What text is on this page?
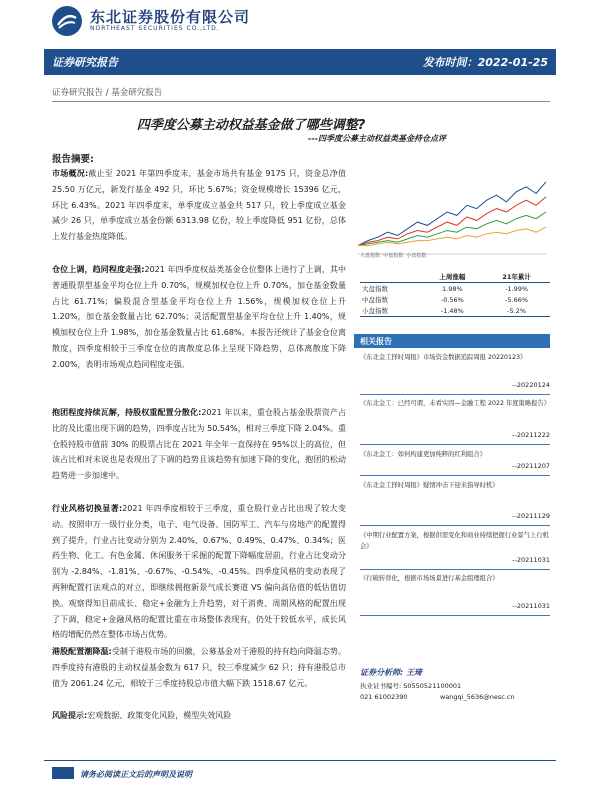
东北证券股份有限公司
NORTHEAST SECURITIES CO.,LTD.
证券研究报告	发布时间：2022-01-25
证券研究报告 / 基金研究报告
四季度公募主动权益基金做了哪些调整?
---四季度公募主动权益类基金持仓点评
报告摘要:
市场概况:截止至 2021 年第四季度末，基金市场共有基金 9175 只，资金总净值 25.50 万亿元，新发行基金 492 只，环比 5.67%；资金规模增长 15396 亿元，环比 6.43%。2021 年四季度末，单季度成立基金共 517 只，较上季度成立基金减少 26 只，单季度成立基金份额 6313.98 亿份，较上季度降低 951 亿份，总体上发行基金热度降低。
仓位上调，趋同程度走强:2021 年四季度权益类基金仓位整体上进行了上调，其中普通股票型基金平均仓位上升 0.70%，规模加权仓位上升 0.70%，加仓基金数量占比 61.71%；偏股混合型基金平均仓位上升 1.56%，规模加权仓位上升 1.20%，加仓基金数量占比 62.70%；灵活配置型基金平均仓位上升 1.40%，规模加权仓位上升 1.98%，加仓基金数量占比 61.68%。本报告还统计了基金仓位离散度，四季度相较于三季度仓位的离散度总体上呈现下降趋势，总体离散度下降 2.00%，表明市场观点趋同程度走强。
抱团程度持续瓦解，持股权重配置分散化:2021 年以来，重仓股占基金股票资产占比的及比重出现下调的趋势，四季度占比为 50.54%，相对三季度下降 2.04%。重仓股持股市值前 30% 的股票占比在 2021 年全年一直保持在 95%以上的高位，但该占比相对未说也是表现出了下调的趋势且该趋势有加速下降的变化，抱团的松动趋势进一步加速中。
行业风格切换显著:2021 年四季度相较于三季度，重仓股行业占比出现了较大变动。按照申万一级行业分类，电子、电气设备、国防军工、汽车与房地产的配置得到了提升，行业占比变动分别为 2.40%、0.67%、0.49%、0.47%、0.34%；医药生物、化工、有色金属、休闲服务于采掘的配置下降幅度居前，行业占比变动分别为 -2.84%、-1.81%、-0.67%、-0.54%、-0.45%。四季度风格的变动表现了两种配置打法观点的对立，即继续拥抱新景气成长赛道 VS 偏向高估值的低估值切换。观察得知目前成长、稳定+金融为上升趋势，对于消费、周期风格的配置出现了下调，稳定+金融风格的配置比重在市场整体表现有，仍处于较低水平，成长风格的增配仍然在整体市场占优势。
港股配置潮降温:受制于港股市场的回撤，公募基金对于港股的持有趋向降温态势。四季度持有港股的主动权益基金数为 617 只，较三季度减少 62 只；持有港股总市值为 2061.24 亿元，相较于三季度持股总市值大幅下跌 1518.67 亿元。
风险提示:宏观数据、政策变化风险，模型失效风险
大盘指数 中盘指数 小盘指数
	上周涨幅	21年累计
大盘指数	1.98%	-1.99%
中盘指数	-0.56%	-5.66%
小盘指数	-1.48%	-5.2%
相关报告
《东北金工择时周报》市场资金数据追踪周报 20220123》
--20220124
《东北金工：已经可谓，未看实因—金融工程 2022 年度策略报告》
--20211222
《东北金工：如何构建更加纯粹的红利组合》
--20211207
《东北金工择时周报》疑情冲击下迎来指导时机》
--20211129
《中期行业配置方案，根据供需变化和商业持续把握行业景气上行机会》
--20211031
《行破转替化，根据市场场景进行基金组理组合》
--20211031
证券分析师: 王琦
执业证书编号: S0550521100001
021 61002390	wangqi_5636@nesc.cn
请务必阅读正文后的声明及说明
